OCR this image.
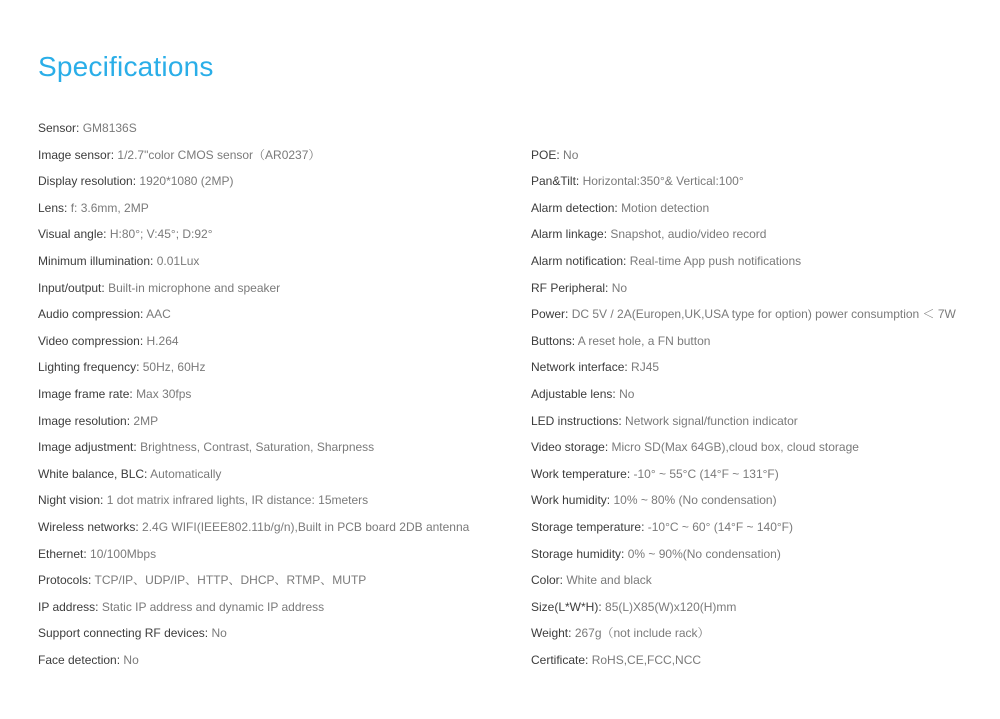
Specifications
Sensor: GM8136S
Image sensor: 1/2.7"color CMOS sensor（AR0237）
Display resolution: 1920*1080 (2MP)
Lens: f: 3.6mm, 2MP
Visual angle: H:80°; V:45°; D:92°
Minimum illumination: 0.01Lux
Input/output: Built-in microphone and speaker
Audio compression: AAC
Video compression: H.264
Lighting frequency: 50Hz, 60Hz
Image frame rate: Max 30fps
Image resolution: 2MP
Image adjustment: Brightness, Contrast, Saturation, Sharpness
White balance, BLC: Automatically
Night vision: 1 dot matrix infrared lights, IR distance: 15meters
Wireless networks: 2.4G WIFI(IEEE802.11b/g/n),Built in PCB board 2DB antenna
Ethernet: 10/100Mbps
Protocols: TCP/IP、UDP/IP、HTTP、DHCP、RTMP、MUTP
IP address: Static IP address and dynamic IP address
Support connecting RF devices: No
Face detection: No
POE: No
Pan&Tilt: Horizontal:350°& Vertical:100°
Alarm detection: Motion detection
Alarm linkage: Snapshot, audio/video record
Alarm notification: Real-time App push notifications
RF Peripheral: No
Power: DC 5V / 2A(Europen,UK,USA type for option) power consumption ＜ 7W
Buttons: A reset hole, a FN button
Network interface: RJ45
Adjustable lens: No
LED instructions: Network signal/function indicator
Video storage: Micro SD(Max 64GB),cloud box, cloud storage
Work temperature: -10° ~ 55°C (14°F ~ 131°F)
Work humidity: 10% ~ 80% (No condensation)
Storage temperature: -10°C ~ 60° (14°F ~ 140°F)
Storage humidity: 0% ~ 90%(No condensation)
Color: White and black
Size(L*W*H): 85(L)X85(W)x120(H)mm
Weight: 267g（not include rack）
Certificate: RoHS,CE,FCC,NCC
